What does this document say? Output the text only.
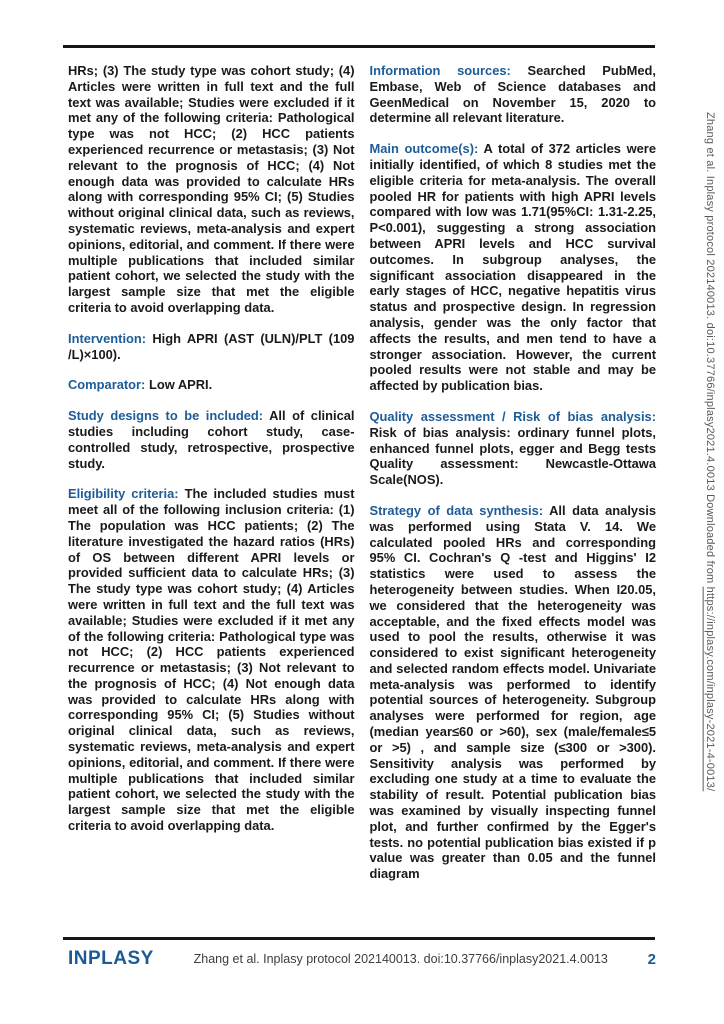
HRs; (3) The study type was cohort study; (4) Articles were written in full text and the full text was available; Studies were excluded if it met any of the following criteria: Pathological type was not HCC; (2) HCC patients experienced recurrence or metastasis; (3) Not relevant to the prognosis of HCC; (4) Not enough data was provided to calculate HRs along with corresponding 95% CI; (5) Studies without original clinical data, such as reviews, systematic reviews, meta-analysis and expert opinions, editorial, and comment. If there were multiple publications that included similar patient cohort, we selected the study with the largest sample size that met the eligible criteria to avoid overlapping data.

Intervention: High APRI (AST (ULN)/PLT (109 /L)×100).

Comparator: Low APRI.

Study designs to be included: All of clinical studies including cohort study, case-controlled study, retrospective, prospective study.

Eligibility criteria: The included studies must meet all of the following inclusion criteria: (1) The population was HCC patients; (2) The literature investigated the hazard ratios (HRs) of OS between different APRI levels or provided sufficient data to calculate HRs; (3) The study type was cohort study; (4) Articles were written in full text and the full text was available; Studies were excluded if it met any of the following criteria: Pathological type was not HCC; (2) HCC patients experienced recurrence or metastasis; (3) Not relevant to the prognosis of HCC; (4) Not enough data was provided to calculate HRs along with corresponding 95% CI; (5) Studies without original clinical data, such as reviews, systematic reviews, meta-analysis and expert opinions, editorial, and comment. If there were multiple publications that included similar patient cohort, we selected the study with the largest sample size that met the eligible criteria to avoid overlapping data.

Information sources: Searched PubMed, Embase, Web of Science databases and GeenMedical on November 15, 2020 to determine all relevant literature.

Main outcome(s): A total of 372 articles were initially identified, of which 8 studies met the eligible criteria for meta-analysis. The overall pooled HR for patients with high APRI levels compared with low was 1.71(95%CI: 1.31-2.25, P<0.001), suggesting a strong association between APRI levels and HCC survival outcomes. In subgroup analyses, the significant association disappeared in the early stages of HCC, negative hepatitis virus status and prospective design. In regression analysis, gender was the only factor that affects the results, and men tend to have a stronger association. However, the current pooled results were not stable and may be affected by publication bias.

Quality assessment / Risk of bias analysis: Risk of bias analysis: ordinary funnel plots, enhanced funnel plots, egger and Begg tests Quality assessment: Newcastle-Ottawa Scale(NOS).

Strategy of data synthesis: All data analysis was performed using Stata V. 14. We calculated pooled HRs and corresponding 95% CI. Cochran's Q -test and Higgins' I2 statistics were used to assess the heterogeneity between studies. When I20.05, we considered that the heterogeneity was acceptable, and the fixed effects model was used to pool the results, otherwise it was considered to exist significant heterogeneity and selected random effects model. Univariate meta-analysis was performed to identify potential sources of heterogeneity. Subgroup analyses were performed for region, age (median year≤60 or >60), sex (male/female≤5 or >5) , and sample size (≤300 or >300). Sensitivity analysis was performed by excluding one study at a time to evaluate the stability of result. Potential publication bias was examined by visually inspecting funnel plot, and further confirmed by the Egger's tests. no potential publication bias existed if p value was greater than 0.05 and the funnel diagram

Zhang et al. Inplasy protocol 202140013. doi:10.37766/inplasy2021.4.0013 Downloaded from https://inplasy.com/inplasy-2021-4-0013/
INPLASY	Zhang et al. Inplasy protocol 202140013. doi:10.37766/inplasy2021.4.0013	2
